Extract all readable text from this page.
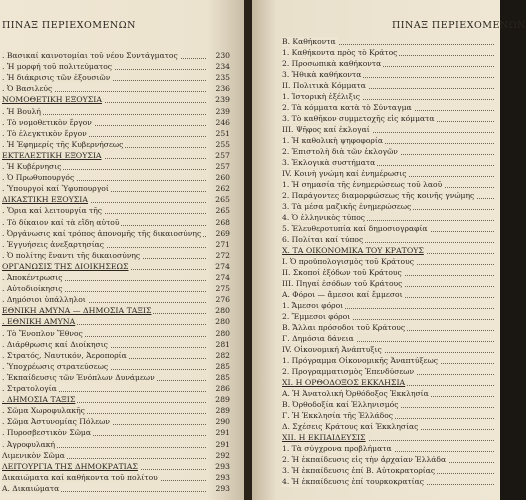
ΠΙΝΑΞ ΠΕΡΙΕΧΟΜΕΝΩΝ
. Βασικαί καινοτομίαι τοῦ νέου Συντάγματος	230
. Ἡ μορφή τοῦ πολιτεύματος	234
. Ἡ διάκρισις τῶν ἐξουσιῶν	235
. Ὁ Βασιλεύς	236
ΝΟΜΟΘΕΤΙΚΗ ΕΞΟΥΣΙΑ	239
. Ἡ Βουλή	239
. Τὸ νομοθετικὸν ἔργον	246
. Τὸ ἐλεγκτικὸν ἔργον	251
. Ἡ Ἐφημερίς τῆς Κυβερνήσεως	255
ΕΚΤΕΛΕΣΤΙΚΗ ΕΞΟΥΣΙΑ	257
. Ἡ Κυβέρνησις	257
. Ὁ Πρωθυπουργός	260
. Ὑπουργοί καί Ὑφυπουργοί	262
ΔΙΚΑΣΤΙΚΗ ΕΞΟΥΣΙΑ	265
. Ὅρια καί λειτουργία τῆς	265
. Τὸ δίκαιον καί τὰ εἴδη αὐτοῦ	268
. Ὀργάνωσις καί τρόπος ἀπονομῆς τῆς δικαιοσύνης	269
. Ἐγγυήσεις ἀνεξαρτησίας	271
. Ὁ πολίτης ἔναντι τῆς δικαιοσύνης	272
ΟΡΓΑΝΩΣΙΣ ΤΗΣ ΔΙΟΙΚΗΣΕΩΣ	274
. Ἀποκέντρωσις	274
. Αὐτοδιοίκησις	275
. Δημόσιοι ὑπάλληλοι	276
ΕΘΝΙΚΗ ΑΜΥΝΑ — ΔΗΜΟΣΙΑ ΤΑΞΙΣ	280
. ΕΘΝΙΚΗ ΑΜΥΝΑ	280
. Τὸ Ἔνοπλον Ἔθνος	280
. Διάρθρωσις καί Διοίκησις	281
. Στρατός, Ναυτικόν, Ἀεροπορία	282
. Ὑποχρέωσις στρατεύσεως	285
. Ἐκπαίδευσις τῶν Ἐνόπλων Δυνάμεων	285
. Στρατολογία	286
. ΔΗΜΟΣΙΑ ΤΑΞΙΣ	289
. Σῶμα Χωροφυλακῆς	289
. Σῶμα Ἀστυνομίας Πόλεων	290
. Πυροσβεστικὸν Σῶμα	291
. Ἀγροφυλακή	291
Λιμενικὸν Σῶμα	292
ΛΕΙΤΟΥΡΓΙΑ ΤΗΣ ΔΗΜΟΚΡΑΤΙΑΣ	293
Δικαιώματα καί καθήκοντα τοῦ πολίτου	293
Α. Δικαιώματα	293
ΠΙΝΑΞ ΠΕΡΙΕΧΟΜΕΝΩΝ
Β. Καθήκοντα
1. Καθήκοντα πρὸς τὸ Κράτος
2. Προσωπικὰ καθήκοντα
3. Ἠθικὰ καθήκοντα
II. Πολιτικὰ Κόμματα
1. Ἱστορικὴ ἐξέλιξις
2. Τὰ κόμματα κατὰ τὸ Σύνταγμα
3. Τὸ καθῆκον συμμετοχῆς εἰς κόμματα
III. Ψῆφος καί ἐκλογαί
1. Ἡ καθολικὴ ψηφοφορία
2. Ἐπιστολὴ διὰ τῶν ἐκλογῶν
3. Ἐκλογικὰ συστήματα
IV. Κοινὴ γνώμη καί ἐνημέρωσις
1. Ἡ σημασία τῆς ἐνημερώσεως τοῦ λαοῦ
2. Παράγοντες διαμορφώσεως τῆς κοινῆς γνώμης
3. Τὰ μέσα μαζικῆς ἐνημερώσεως
4. Ὁ ἑλληνικὸς τύπος
5. Ἐλευθεροτυπία καί δημοσιογραφία
6. Πολίται καί τύπος
X. ΤΑ ΟΙΚΟΝΟΜΙΚΑ ΤΟΥ ΚΡΑΤΟΥΣ
I. Ὁ προϋπολογισμὸς τοῦ Κράτους
II. Σκοποί ἐξόδων τοῦ Κράτους
III. Πηγαί ἐσόδων τοῦ Κράτους
Α. Φόροι — ἄμεσοι καί ἔμμεσοι
1. Ἄμεσοι φόροι
2. Ἔμμεσοι φόροι
Β. Ἄλλαι πρόσοδοι τοῦ Κράτους
Γ. Δημόσια δάνεια
IV. Οἰκονομική Ἀνάπτυξις
1. Πρόγραμμα Οἰκονομικῆς Ἀναπτύξεως
2. Προγραμματισμὸς Ἐπενδύσεων
XI. Η ΟΡΘΟΔΟΞΟΣ ΕΚΚΛΗΣΙΑ
Α. Ἡ Ἀνατολική Ὀρθόδοξος Ἐκκλησία
Β. Ὀρθοδοξία καί Ἑλληνισμός
Γ. Ἡ Ἐκκλησία τῆς Ἑλλάδος
Δ. Σχέσεις Κράτους καί Ἐκκλησίας
XII. Η ΕΚΠΑΙΔΕΥΣΙΣ
1. Τὰ σύγχρονα προβλήματα
2. Ἡ ἐκπαίδευσις εἰς τὴν ἀρχαίαν Ἑλλάδα
3. Ἡ ἐκπαίδευσις ἐπί Β. Αὐτοκρατορίας
4. Ἡ ἐκπαίδευσις ἐπί τουρκοκρατίας
